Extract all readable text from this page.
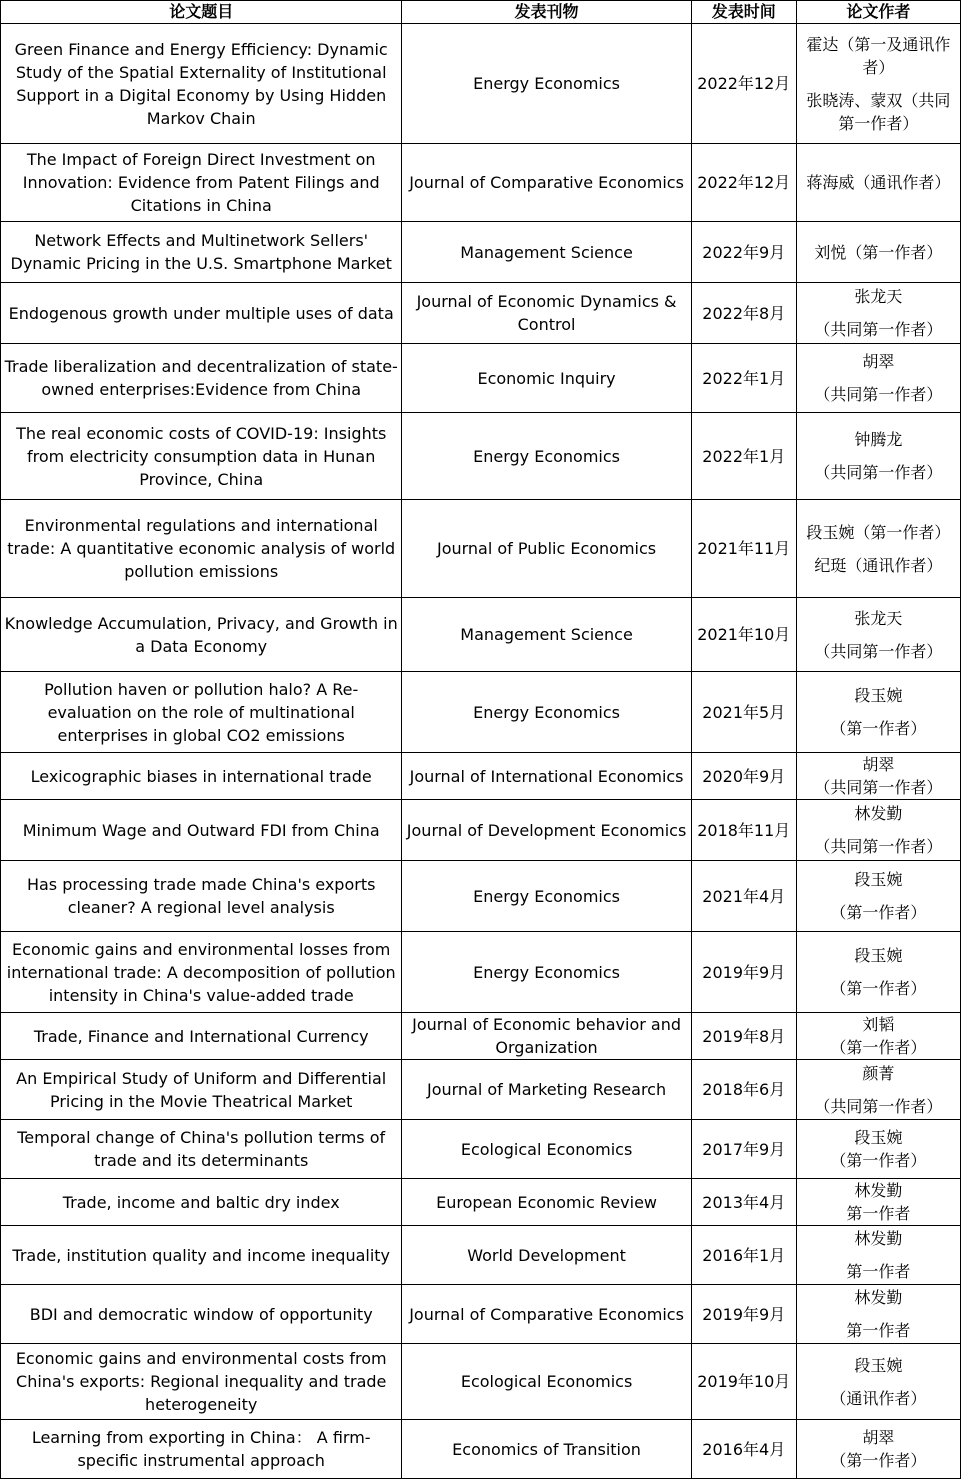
论文题目	发表刊物	发表时间	论文作者
Green Finance and Energy Efficiency: Dynamic Study of the Spatial Externality of Institutional Support in a Digital Economy by Using Hidden Markov Chain	Energy Economics	2022年12月	霍达（第一及通讯作者）
张晓涛、蒙双（共同第一作者）

The Impact of Foreign Direct Investment on Innovation: Evidence from Patent Filings and Citations in China	Journal of Comparative Economics	2022年12月	蒋海威（通讯作者）

Network Effects and Multinetwork Sellers' Dynamic Pricing in the U.S. Smartphone Market	Management Science	2022年9月	刘悦（第一作者）

Endogenous growth under multiple uses of data	Journal of Economic Dynamics & Control	2022年8月	张龙天
（共同第一作者）

Trade liberalization and decentralization of state-owned enterprises:Evidence from China	Economic Inquiry	2022年1月	胡翠
（共同第一作者）

The real economic costs of COVID-19: Insights from electricity consumption data in Hunan Province, China	Energy Economics	2022年1月	钟腾龙
（共同第一作者）

Environmental regulations and international trade: A quantitative economic analysis of world pollution emissions	Journal of Public Economics	2021年11月	段玉婉（第一作者）
纪珽（通讯作者）

Knowledge Accumulation, Privacy, and Growth in a Data Economy	Management Science	2021年10月	张龙天
（共同第一作者）

Pollution haven or pollution halo? A Re-evaluation on the role of multinational enterprises in global CO2 emissions	Energy Economics	2021年5月	段玉婉
（第一作者）

Lexicographic biases in international trade	Journal of International Economics	2020年9月	胡翠
（共同第一作者）

Minimum Wage and Outward FDI from China	Journal of Development Economics	2018年11月	林发勤
（共同第一作者）

Has processing trade made China's exports cleaner? A regional level analysis	Energy Economics	2021年4月	段玉婉
（第一作者）

Economic gains and environmental losses from international trade: A decomposition of pollution intensity in China's value-added trade	Energy Economics	2019年9月	段玉婉
（第一作者）

Trade, Finance and International Currency	Journal of Economic behavior and Organization	2019年8月	刘韬
（第一作者）

An Empirical Study of Uniform and Differential Pricing in the Movie Theatrical Market	Journal of Marketing Research	2018年6月	颜菁
（共同第一作者）

Temporal change of China's pollution terms of trade and its determinants	Ecological Economics	2017年9月	段玉婉
（第一作者）

Trade, income and baltic dry index	European Economic Review	2013年4月	林发勤
第一作者

Trade, institution quality and income inequality	World Development	2016年1月	林发勤
第一作者

BDI and democratic window of opportunity	Journal of Comparative Economics	2019年9月	林发勤
第一作者

Economic gains and environmental costs from China's exports: Regional inequality and trade heterogeneity	Ecological Economics	2019年10月	段玉婉
（通讯作者）

Learning from exporting in China： A firm-specific instrumental approach	Economics of Transition	2016年4月	胡翠
（第一作者）
